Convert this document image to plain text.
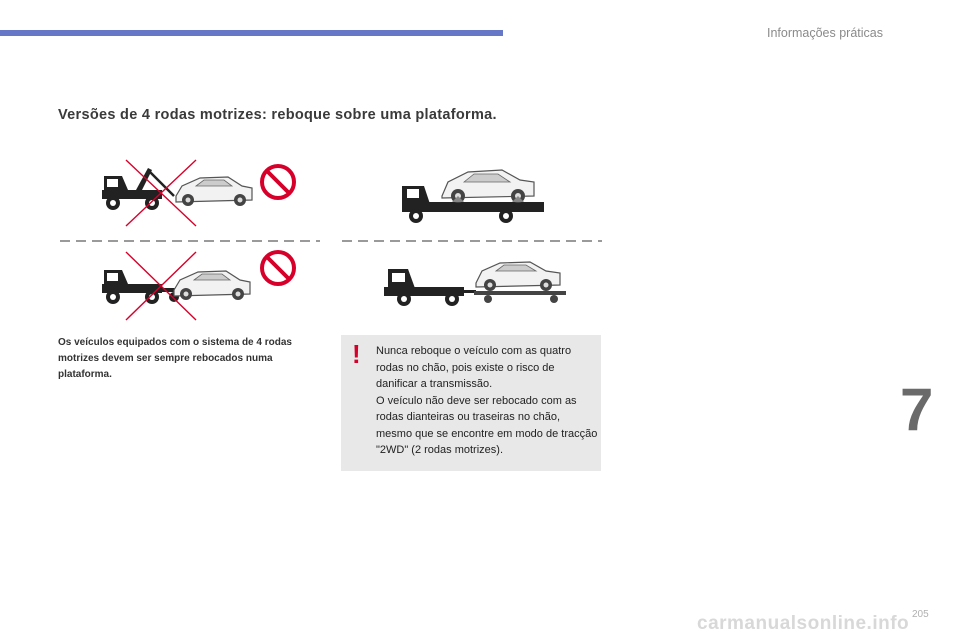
Informações práticas
Versões de 4 rodas motrizes: reboque sobre uma plataforma.
Os veículos equipados com o sistema de 4 rodas motrizes devem ser sempre rebocados numa plataforma.
! Nunca reboque o veículo com as quatro rodas no chão, pois existe o risco de danificar a transmissão.

O veículo não deve ser rebocado com as rodas dianteiras ou traseiras no chão, mesmo que se encontre em modo de tracção "2WD" (2 rodas motrizes).

7
carmanualsonline.info 205
